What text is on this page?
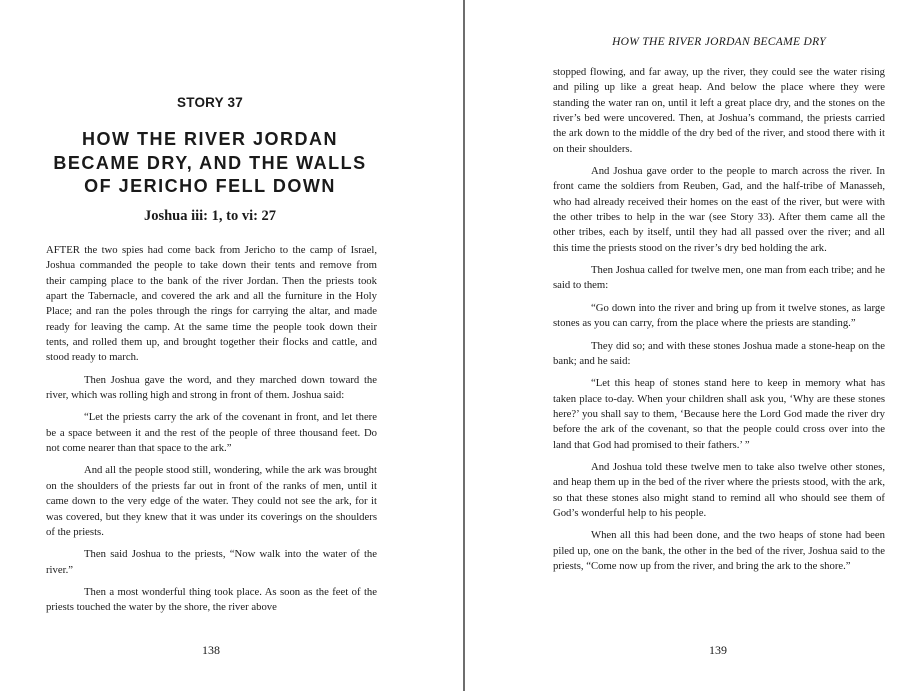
STORY 37
HOW THE RIVER JORDAN
BECAME DRY, AND THE WALLS
OF JERICHO FELL DOWN
Joshua iii: 1, to vi: 27

AFTER the two spies had come back from Jericho to the camp of Israel, Joshua commanded the people to take down their tents and remove from their camping place to the bank of the river Jordan. Then the priests took apart the Tabernacle, and covered the ark and all the furniture in the Holy Place; and ran the poles through the rings for carrying the altar, and made ready for leaving the camp. At the same time the people took down their tents, and rolled them up, and brought together their flocks and cattle, and stood ready to march.

Then Joshua gave the word, and they marched down toward the river, which was rolling high and strong in front of them. Joshua said:

“Let the priests carry the ark of the covenant in front, and let there be a space between it and the rest of the people of three thousand feet. Do not come nearer than that space to the ark.”

And all the people stood still, wondering, while the ark was brought on the shoulders of the priests far out in front of the ranks of men, until it came down to the very edge of the water. They could not see the ark, for it was covered, but they knew that it was under its coverings on the shoulders of the priests.

Then said Joshua to the priests, “Now walk into the water of the river.”

Then a most wonderful thing took place. As soon as the feet of the priests touched the water by the shore, the river above

138
HOW THE RIVER JORDAN BECAME DRY

stopped flowing, and far away, up the river, they could see the water rising and piling up like a great heap. And below the place where they were standing the water ran on, until it left a great place dry, and the stones on the river’s bed were uncovered. Then, at Joshua’s command, the priests carried the ark down to the middle of the dry bed of the river, and stood there with it on their shoulders.

And Joshua gave order to the people to march across the river. In front came the soldiers from Reuben, Gad, and the half-tribe of Manasseh, who had already received their homes on the east of the river, but were with the other tribes to help in the war (see Story 33). After them came all the other tribes, each by itself, until they had all passed over the river; and all this time the priests stood on the river’s dry bed holding the ark.

Then Joshua called for twelve men, one man from each tribe; and he said to them:

“Go down into the river and bring up from it twelve stones, as large stones as you can carry, from the place where the priests are standing.”

They did so; and with these stones Joshua made a stone-heap on the bank; and he said:

“Let this heap of stones stand here to keep in memory what has taken place to-day. When your children shall ask you, ‘Why are these stones here?’ you shall say to them, ‘Because here the Lord God made the river dry before the ark of the covenant, so that the people could cross over into the land that God had promised to their fathers.’ ”

And Joshua told these twelve men to take also twelve other stones, and heap them up in the bed of the river where the priests stood, with the ark, so that these stones also might stand to remind all who should see them of God’s wonderful help to his people.

When all this had been done, and the two heaps of stone had been piled up, one on the bank, the other in the bed of the river, Joshua said to the priests, “Come now up from the river, and bring the ark to the shore.”

139
